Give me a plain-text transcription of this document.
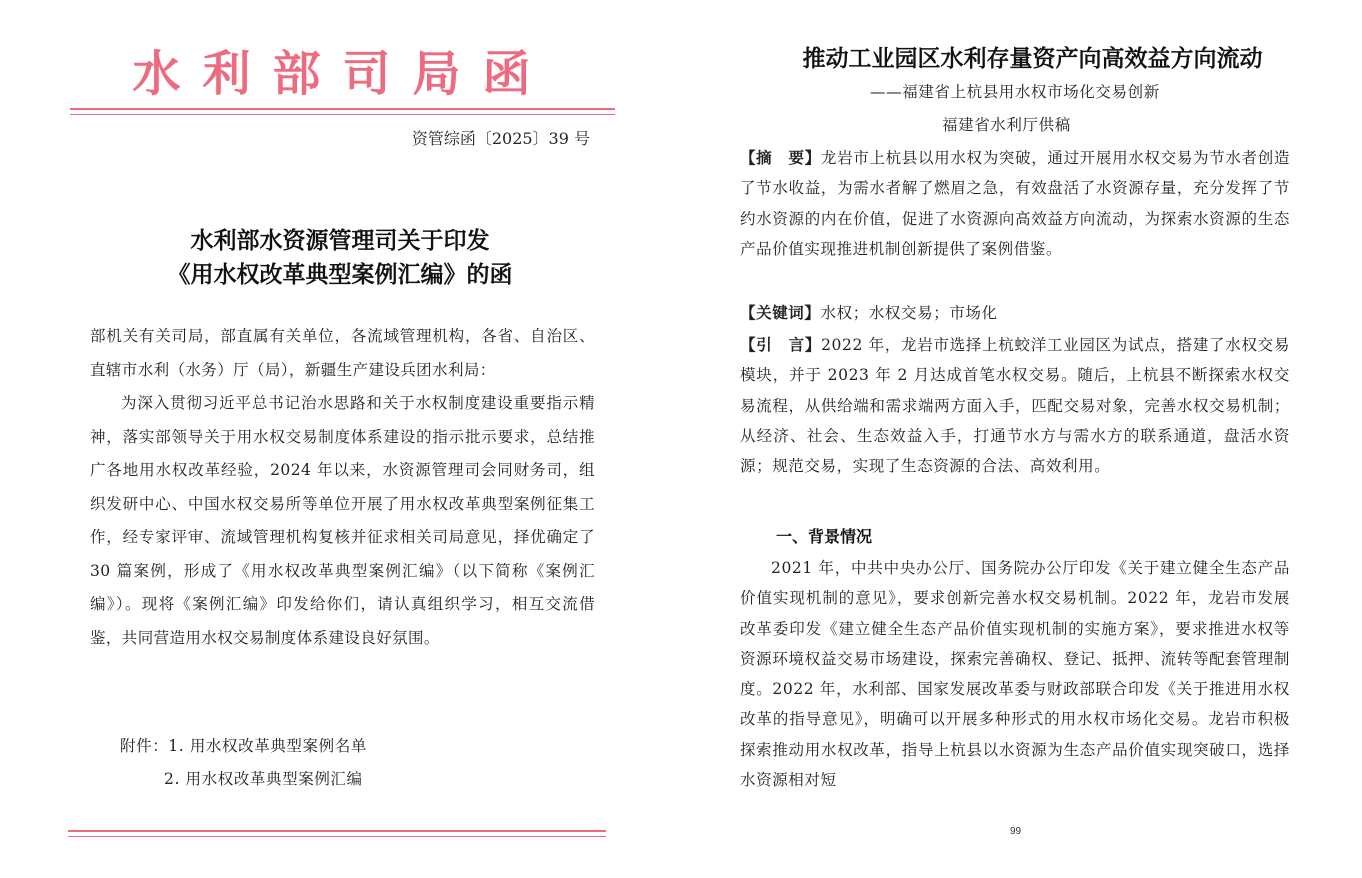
水利部司局函
资管综函〔2025〕39 号
水利部水资源管理司关于印发
《用水权改革典型案例汇编》的函
部机关有关司局，部直属有关单位，各流域管理机构，各省、自治区、直辖市水利（水务）厅（局），新疆生产建设兵团水利局：
为深入贯彻习近平总书记治水思路和关于水权制度建设重要指示精神，落实部领导关于用水权交易制度体系建设的指示批示要求，总结推广各地用水权改革经验，2024 年以来，水资源管理司会同财务司，组织发研中心、中国水权交易所等单位开展了用水权改革典型案例征集工作，经专家评审、流域管理机构复核并征求相关司局意见，择优确定了 30 篇案例，形成了《用水权改革典型案例汇编》（以下简称《案例汇编》）。现将《案例汇编》印发给你们，请认真组织学习，相互交流借鉴，共同营造用水权交易制度体系建设良好氛围。
附件：1. 用水权改革典型案例名单
2. 用水权改革典型案例汇编
推动工业园区水利存量资产向高效益方向流动
——福建省上杭县用水权市场化交易创新
福建省水利厅供稿
【摘　要】龙岩市上杭县以用水权为突破，通过开展用水权交易为节水者创造了节水收益，为需水者解了燃眉之急，有效盘活了水资源存量，充分发挥了节约水资源的内在价值，促进了水资源向高效益方向流动，为探索水资源的生态产品价值实现推进机制创新提供了案例借鉴。
【关键词】水权；水权交易；市场化
【引　言】2022 年，龙岩市选择上杭蛟洋工业园区为试点，搭建了水权交易模块，并于 2023 年 2 月达成首笔水权交易。随后，上杭县不断探索水权交易流程，从供给端和需求端两方面入手，匹配交易对象，完善水权交易机制；从经济、社会、生态效益入手，打通节水方与需水方的联系通道，盘活水资源；规范交易，实现了生态资源的合法、高效利用。
一、背景情况
2021 年，中共中央办公厅、国务院办公厅印发《关于建立健全生态产品价值实现机制的意见》，要求创新完善水权交易机制。2022 年，龙岩市发展改革委印发《建立健全生态产品价值实现机制的实施方案》，要求推进水权等资源环境权益交易市场建设，探索完善确权、登记、抵押、流转等配套管理制度。2022 年，水利部、国家发展改革委与财政部联合印发《关于推进用水权改革的指导意见》，明确可以开展多种形式的用水权市场化交易。龙岩市积极探索推动用水权改革，指导上杭县以水资源为生态产品价值实现突破口，选择水资源相对短
99
